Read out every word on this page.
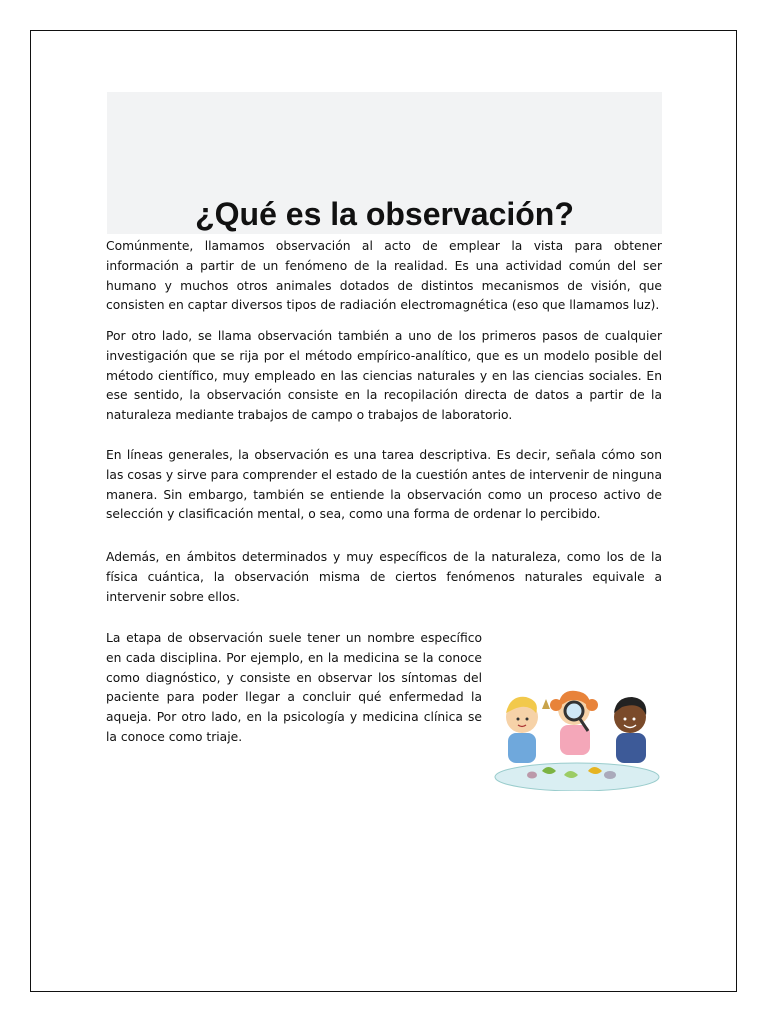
¿Qué es la observación?

Comúnmente, llamamos observación al acto de emplear la vista para obtener información a partir de un fenómeno de la realidad. Es una actividad común del ser humano y muchos otros animales dotados de distintos mecanismos de visión, que consisten en captar diversos tipos de radiación electromagnética (eso que llamamos luz).

Por otro lado, se llama observación también a uno de los primeros pasos de cualquier investigación que se rija por el método empírico-analítico, que es un modelo posible del método científico, muy empleado en las ciencias naturales y en las ciencias sociales. En ese sentido, la observación consiste en la recopilación directa de datos a partir de la naturaleza mediante trabajos de campo o trabajos de laboratorio.

En líneas generales, la observación es una tarea descriptiva. Es decir, señala cómo son las cosas y sirve para comprender el estado de la cuestión antes de intervenir de ninguna manera. Sin embargo, también se entiende la observación como un proceso activo de selección y clasificación mental, o sea, como una forma de ordenar lo percibido.

Además, en ámbitos determinados y muy específicos de la naturaleza, como los de la física cuántica, la observación misma de ciertos fenómenos naturales equivale a intervenir sobre ellos.

La etapa de observación suele tener un nombre específico en cada disciplina. Por ejemplo, en la medicina se la conoce como diagnóstico, y consiste en observar los síntomas del paciente para poder llegar a concluir qué enfermedad la aqueja. Por otro lado, en la psicología y medicina clínica se la conoce como triaje.
